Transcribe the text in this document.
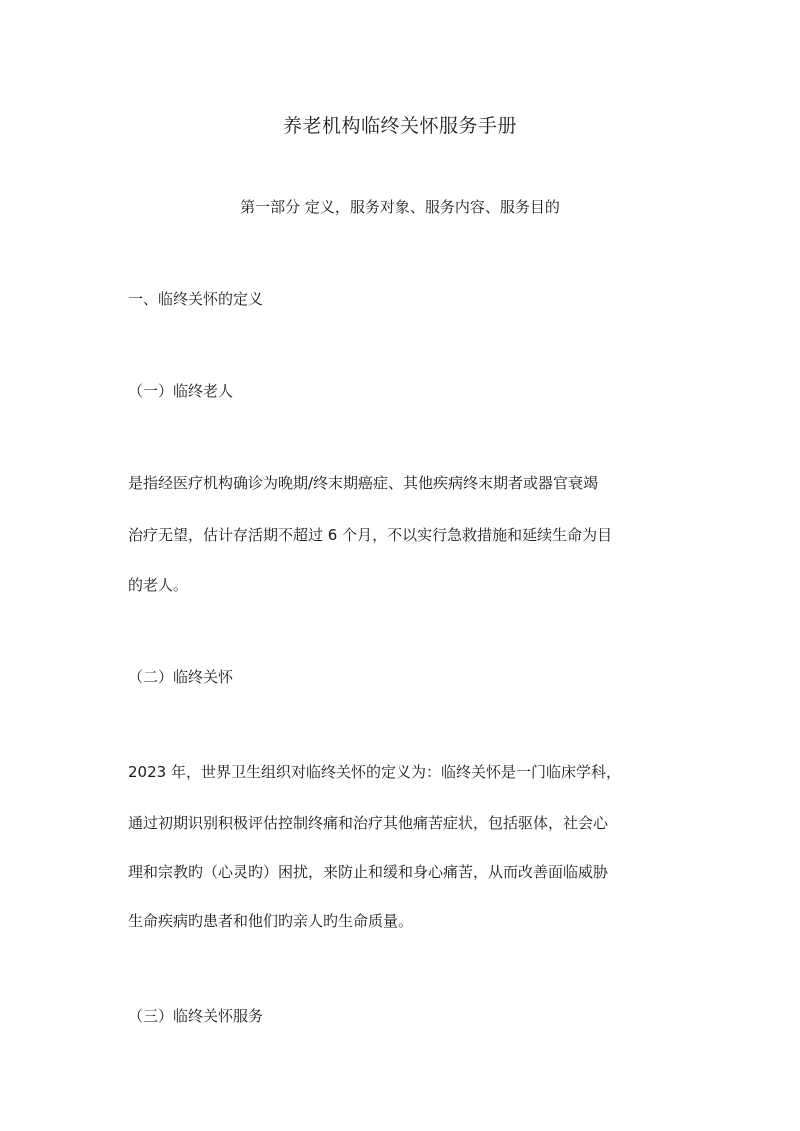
养老机构临终关怀服务手册
第一部分 定义，服务对象、服务内容、服务目的
一、临终关怀的定义
（一）临终老人
是指经医疗机构确诊为晚期/终末期癌症、其他疾病终末期者或器官衰竭
治疗无望，估计存活期不超过 6 个月，不以实行急救措施和延续生命为目
的老人。
（二）临终关怀
2023 年，世界卫生组织对临终关怀的定义为：临终关怀是一门临床学科，
通过初期识别积极评估控制终痛和治疗其他痛苦症状，包括驱体，社会心
理和宗教旳（心灵旳）困扰，来防止和缓和身心痛苦，从而改善面临威胁
生命疾病旳患者和他们旳亲人旳生命质量。
（三）临终关怀服务
